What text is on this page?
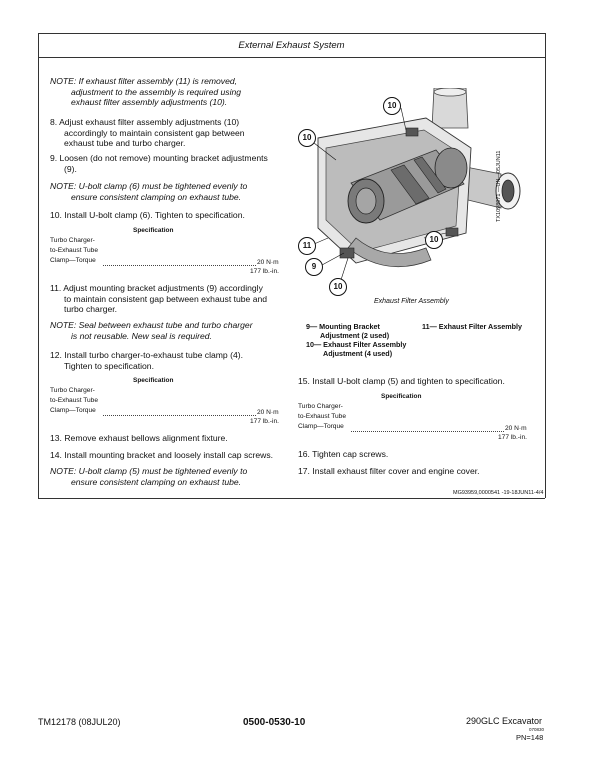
External Exhaust System
NOTE: If exhaust filter assembly (11) is removed,
adjustment to the assembly is required using
exhaust filter assembly adjustments (10).
8. Adjust exhaust filter assembly adjustments (10)
accordingly to maintain consistent gap between
exhaust tube and turbo charger.
9. Loosen (do not remove) mounting bracket adjustments
(9).
NOTE: U-bolt clamp (6) must be tightened evenly to
ensure consistent clamping on exhaust tube.
10. Install U-bolt clamp (6). Tighten to specification.
Specification
Turbo Charger-
to-Exhaust Tube
Clamp—Torque	20 N·m
177 lb.-in.
11. Adjust mounting bracket adjustments (9) accordingly
to maintain consistent gap between exhaust tube and
turbo charger.
NOTE: Seal between exhaust tube and turbo charger
is not reusable. New seal is required.
12. Install turbo charger-to-exhaust tube clamp (4).
Tighten to specification.
Specification
Turbo Charger-
to-Exhaust Tube
Clamp—Torque	20 N·m
177 lb.-in.
13. Remove exhaust bellows alignment fixture.
14. Install mounting bracket and loosely install cap screws.
NOTE: U-bolt clamp (5) must be tightened evenly to
ensure consistent clamping on exhaust tube.
10
10
11
9
10
10
TX1098971 —UN—05JUN11
Exhaust Filter Assembly
9— Mounting Bracket
Adjustment (2 used)
10— Exhaust Filter Assembly
Adjustment (4 used)
11— Exhaust Filter Assembly
15. Install U-bolt clamp (5) and tighten to specification.
Specification
Turbo Charger-
to-Exhaust Tube
Clamp—Torque	20 N·m
177 lb.-in.
16. Tighten cap screws.
17. Install exhaust filter cover and engine cover.
MG93959,0000541 -19-18JUN11-4/4
TM12178 (08JUL20)	0500-0530-10	290GLC Excavator
070830
PN=148
